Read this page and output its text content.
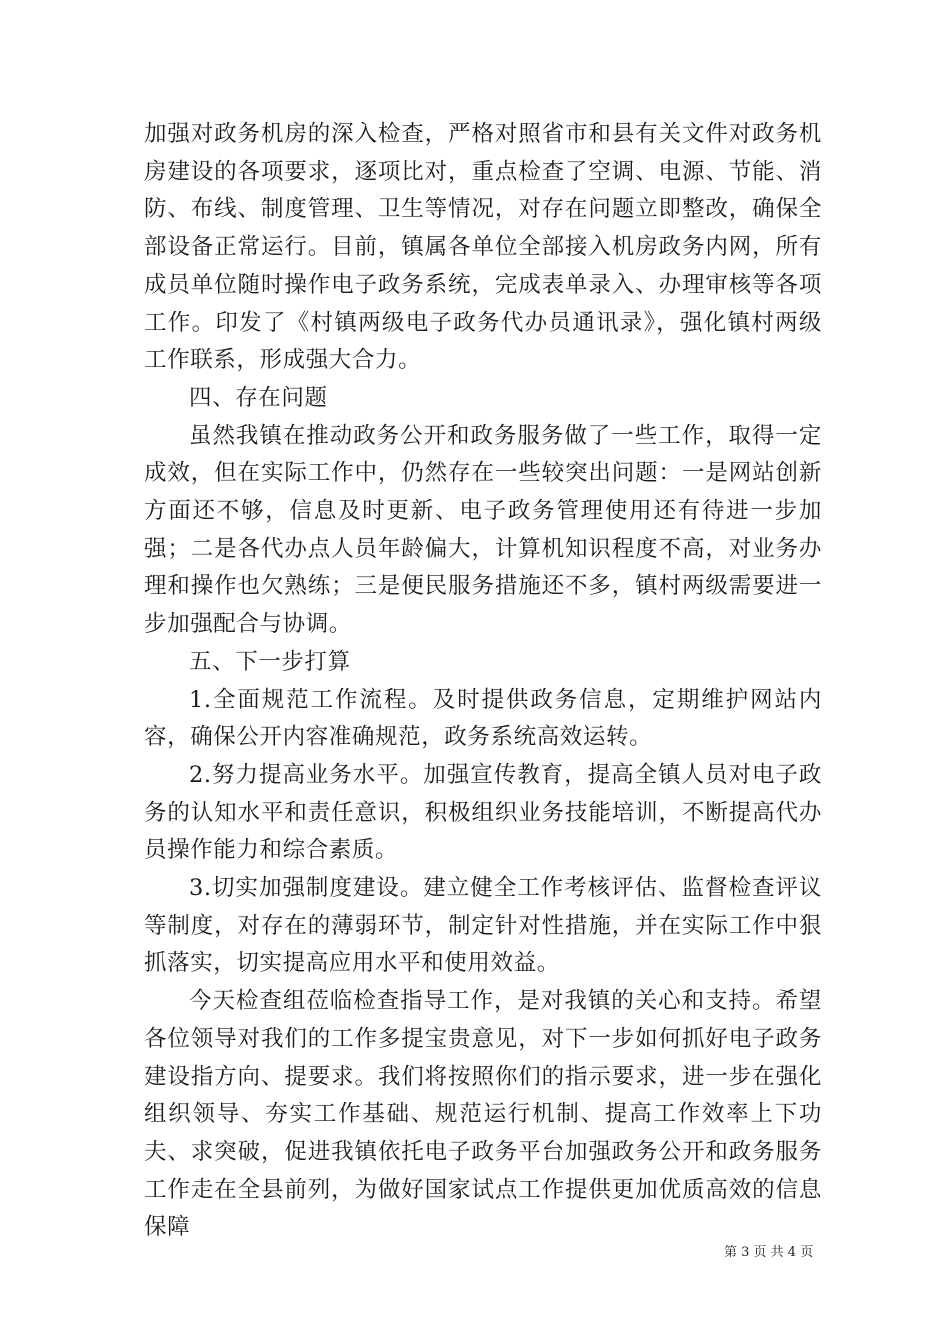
加强对政务机房的深入检查，严格对照省市和县有关文件对政务机房建设的各项要求，逐项比对，重点检查了空调、电源、节能、消防、布线、制度管理、卫生等情况，对存在问题立即整改，确保全部设备正常运行。目前，镇属各单位全部接入机房政务内网，所有成员单位随时操作电子政务系统，完成表单录入、办理审核等各项工作。印发了《村镇两级电子政务代办员通讯录》，强化镇村两级工作联系，形成强大合力。

四、存在问题

虽然我镇在推动政务公开和政务服务做了一些工作，取得一定成效，但在实际工作中，仍然存在一些较突出问题：一是网站创新方面还不够，信息及时更新、电子政务管理使用还有待进一步加强；二是各代办点人员年龄偏大，计算机知识程度不高，对业务办理和操作也欠熟练；三是便民服务措施还不多，镇村两级需要进一步加强配合与协调。

五、下一步打算

1.全面规范工作流程。及时提供政务信息，定期维护网站内容，确保公开内容准确规范，政务系统高效运转。

2.努力提高业务水平。加强宣传教育，提高全镇人员对电子政务的认知水平和责任意识，积极组织业务技能培训，不断提高代办员操作能力和综合素质。

3.切实加强制度建设。建立健全工作考核评估、监督检查评议等制度，对存在的薄弱环节，制定针对性措施，并在实际工作中狠抓落实，切实提高应用水平和使用效益。

今天检查组莅临检查指导工作，是对我镇的关心和支持。希望各位领导对我们的工作多提宝贵意见，对下一步如何抓好电子政务建设指方向、提要求。我们将按照你们的指示要求，进一步在强化组织领导、夯实工作基础、规范运行机制、提高工作效率上下功夫、求突破，促进我镇依托电子政务平台加强政务公开和政务服务工作走在全县前列，为做好国家试点工作提供更加优质高效的信息保障

第 3 页 共 4 页
